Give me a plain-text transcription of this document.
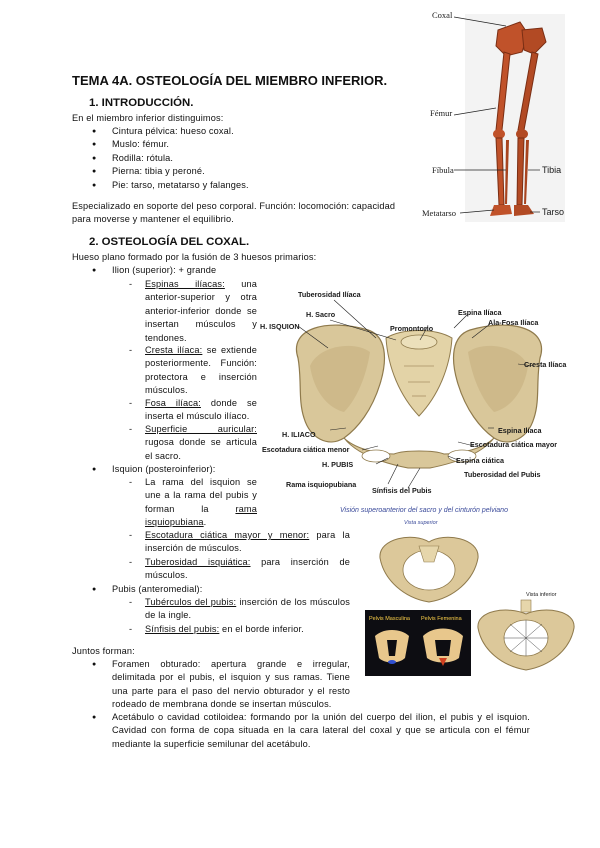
Coxal
Fémur
Fíbula
Metatarso
Tibia
Tarso
TEMA 4A. OSTEOLOGÍA DEL MIEMBRO INFERIOR.
1. INTRODUCCIÓN.
En el miembro inferior distinguimos:
● Cintura pélvica: hueso coxal.
● Muslo: fémur.
● Rodilla: rótula.
● Pierna: tibia y peroné.
● Pie: tarso, metatarso y falanges.
Especializado en soporte del peso corporal. Función: locomoción: capacidad
para moverse y mantener el equilibrio.
2. OSTEOLOGÍA DEL COXAL.
Hueso plano formado por la fusión de 3 huesos primarios:
● Ilion (superior): + grande
- Espinas ilíacas: una anterior-superior y otra anterior-inferior donde se insertan músculos y tendones.
- Cresta ilíaca: se extiende posteriormente. Función: protectora e inserción músculos.
- Fosa ilíaca: donde se inserta el músculo ilíaco.
- Superficie auricular: rugosa donde se articula el sacro.
● Isquion (posteroinferior):
- La rama del isquion se une a la rama del pubis y forman la rama isquiopubiana.
- Escotadura ciática mayor y menor: para la inserción de músculos.
- Tuberosidad isquiática: para inserción de músculos.
● Pubis (anteromedial):
- Tubérculos del pubis: inserción de los músculos de la ingle.
- Sínfisis del pubis: en el borde inferior.
Juntos forman:
● Foramen obturado: apertura grande e irregular, delimitada por el pubis, el isquion y sus ramas. Tiene una parte para el paso del nervio obturador y el resto rodeado de membrana donde se insertan músculos.
● Acetábulo o cavidad cotiloidea: formando por la unión del cuerpo del ilion, el pubis y el isquion. Cavidad con forma de copa situada en la cara lateral del coxal y que se articula con el fémur mediante la superficie semilunar del acetábulo.
Tuberosidad Ilíaca
H. Sacro
H. ISQUION	Promontorio
Espina Ilíaca
Ala-Fosa Ilíaca
Cresta Ilíaca
H. ILIACO	Espina Ilíaca
Escotadura ciática menor
Escotadura ciática mayor
H. PUBIS	Espina ciática
Tuberosidad del Pubis
Rama isquiopubiana
Sínfisis del Pubis
Visión superoanterior del sacro y del cinturón pelviano
Vista superior
Pelvis Masculina Pelvis Femenina
Vista inferior
